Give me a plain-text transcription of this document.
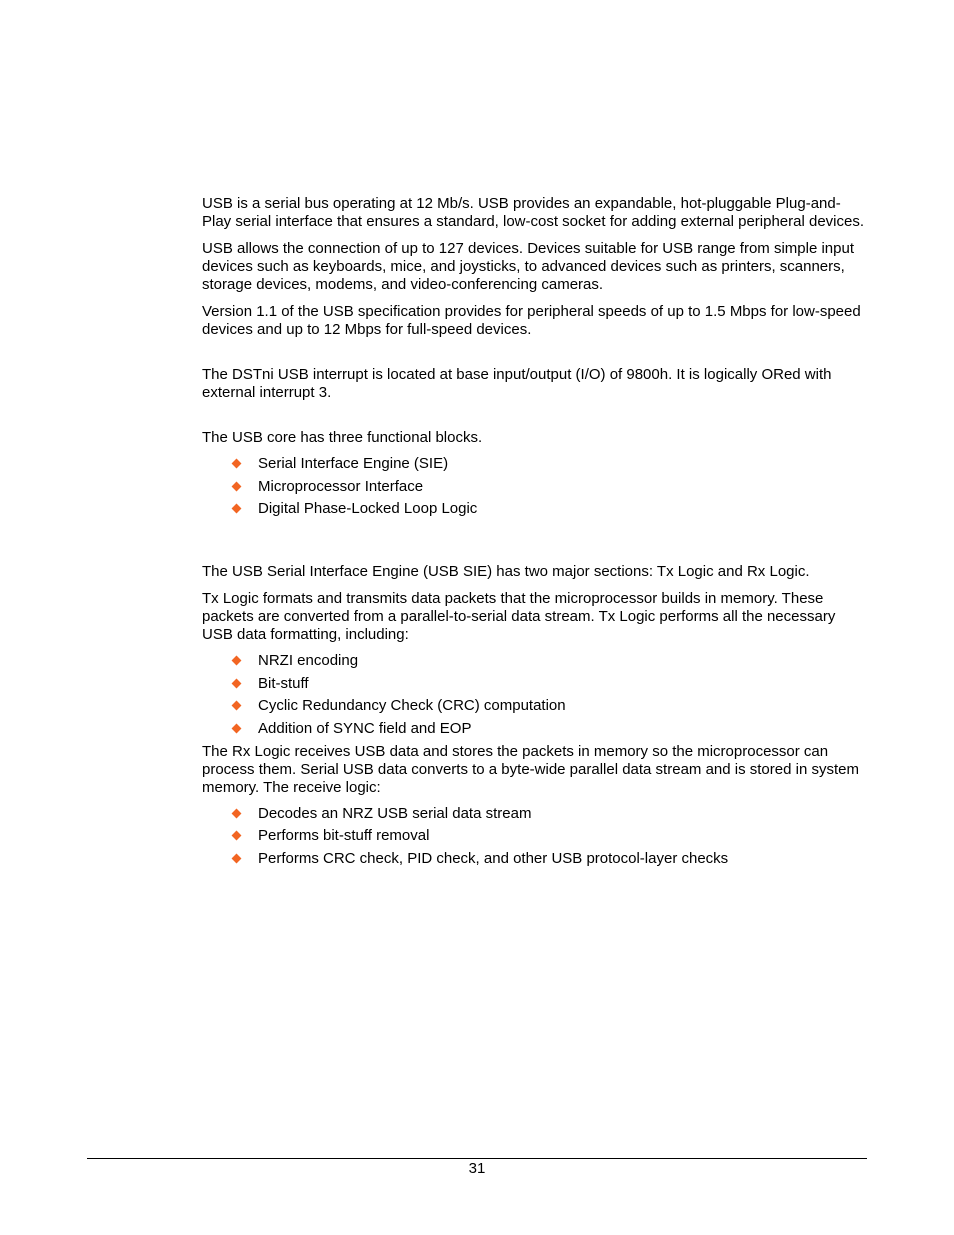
USB is a serial bus operating at 12 Mb/s. USB provides an expandable, hot-pluggable Plug-and-Play serial interface that ensures a standard, low-cost socket for adding external peripheral devices.

USB allows the connection of up to 127 devices. Devices suitable for USB range from simple input devices such as keyboards, mice, and joysticks, to advanced devices such as printers, scanners, storage devices, modems, and video-conferencing cameras.

Version 1.1 of the USB specification provides for peripheral speeds of up to 1.5 Mbps for low-speed devices and up to 12 Mbps for full-speed devices.

The DSTni USB interrupt is located at base input/output (I/O) of 9800h. It is logically ORed with external interrupt 3.

The USB core has three functional blocks.

Serial Interface Engine (SIE)
Microprocessor Interface
Digital Phase-Locked Loop Logic

The USB Serial Interface Engine (USB SIE) has two major sections: Tx Logic and Rx Logic.

Tx Logic formats and transmits data packets that the microprocessor builds in memory. These packets are converted from a parallel-to-serial data stream. Tx Logic performs all the necessary USB data formatting, including:

NRZI encoding
Bit-stuff
Cyclic Redundancy Check (CRC) computation
Addition of SYNC field and EOP

The Rx Logic receives USB data and stores the packets in memory so the microprocessor can process them. Serial USB data converts to a byte-wide parallel data stream and is stored in system memory. The receive logic:

Decodes an NRZ USB serial data stream
Performs bit-stuff removal
Performs CRC check, PID check, and other USB protocol-layer checks
31
